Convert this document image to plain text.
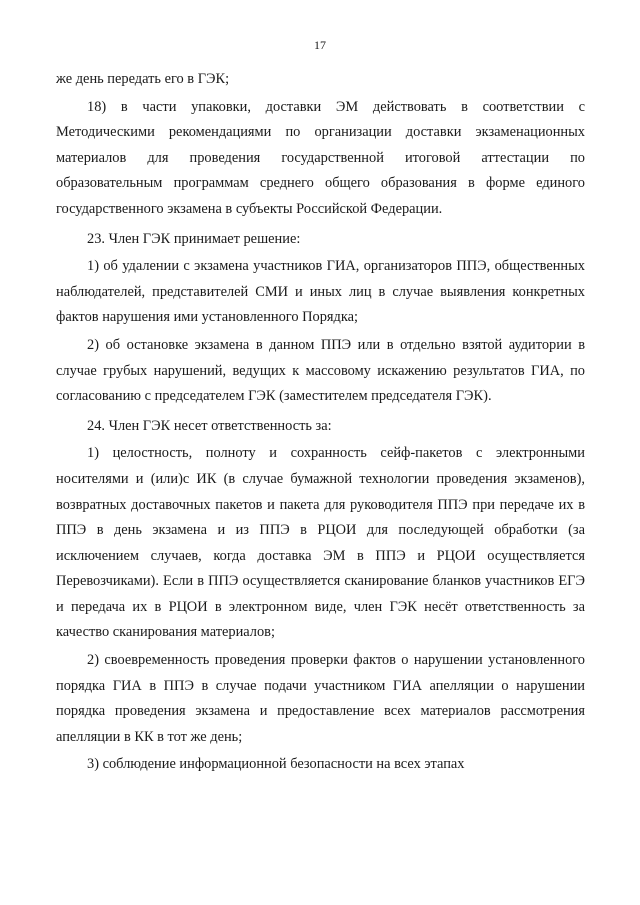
17

же день передать его в ГЭК;

18) в части упаковки, доставки ЭМ действовать в соответствии с Методическими рекомендациями по организации доставки экзаменационных материалов для проведения государственной итоговой аттестации по образовательным программам среднего общего образования в форме единого государственного экзамена в субъекты Российской Федерации.

23. Член ГЭК принимает решение:

1) об удалении с экзамена участников ГИА, организаторов ППЭ, общественных наблюдателей, представителей СМИ и иных лиц в случае выявления конкретных фактов нарушения ими установленного Порядка;

2) об остановке экзамена в данном ППЭ или в отдельно взятой аудитории в случае грубых нарушений, ведущих к массовому искажению результатов ГИА, по согласованию с председателем ГЭК (заместителем председателя ГЭК).

24. Член ГЭК несет ответственность за:

1) целостность, полноту и сохранность сейф-пакетов с электронными носителями и (или)с ИК (в случае бумажной технологии проведения экзаменов), возвратных доставочных пакетов и пакета для руководителя ППЭ при передаче их в ППЭ в день экзамена и из ППЭ в РЦОИ для последующей обработки (за исключением случаев, когда доставка ЭМ в ППЭ и РЦОИ осуществляется Перевозчиками). Если в ППЭ осуществляется сканирование бланков участников ЕГЭ и передача их в РЦОИ в электронном виде, член ГЭК несёт ответственность за качество сканирования материалов;

2) своевременность проведения проверки фактов о нарушении установленного порядка ГИА в ППЭ в случае подачи участником ГИА апелляции о нарушении порядка проведения экзамена и предоставление всех материалов рассмотрения апелляции в КК в тот же день;

3) соблюдение информационной безопасности на всех этапах
